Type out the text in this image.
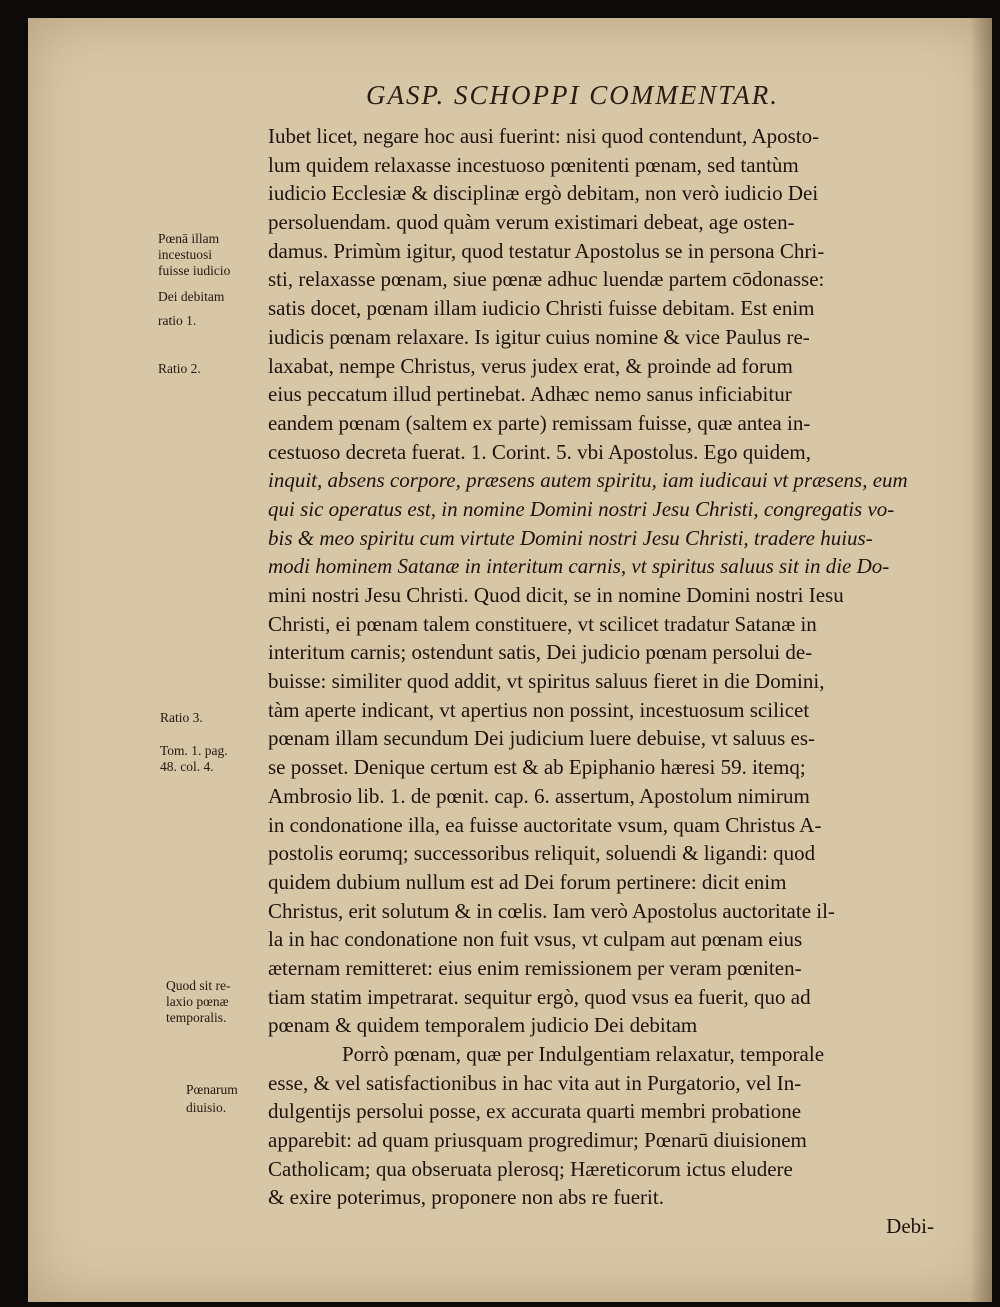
GASP. SCHOPPI COMMENTAR.
Iubet licet, negare hoc ausi fuerint: nisi quod contendunt, Aposto-
lum quidem relaxasse incestuoso pœnitenti pœnam, sed tantùm
iudicio Ecclesiæ & disciplinæ ergò debitam, non verò iudicio Dei
persoluendam. quod quàm verum existimari debeat, age osten-
damus. Primùm igitur, quod testatur Apostolus se in persona Chri-
sti, relaxasse pœnam, siue pœnæ adhuc luendæ partem cōdonasse:
satis docet, pœnam illam iudicio Christi fuisse debitam. Est enim
iudicis pœnam relaxare. Is igitur cuius nomine & vice Paulus re-
laxabat, nempe Christus, verus judex erat, & proinde ad forum
eius peccatum illud pertinebat. Adhæc nemo sanus inficiabitur
eandem pœnam (saltem ex parte) remissam fuisse, quæ antea in-
cestuoso decreta fuerat. 1. Corint. 5. vbi Apostolus. Ego quidem,
inquit, absens corpore, præsens autem spiritu, iam iudicaui vt præsens, eum
qui sic operatus est, in nomine Domini nostri Jesu Christi, congregatis vo-
bis & meo spiritu cum virtute Domini nostri Jesu Christi, tradere huius-
modi hominem Satanæ in interitum carnis, vt spiritus saluus sit in die Do-
mini nostri Jesu Christi. Quod dicit, se in nomine Domini nostri Iesu
Christi, ei pœnam talem constituere, vt scilicet tradatur Satanæ in
interitum carnis; ostendunt satis, Dei judicio pœnam persolui de-
buisse: similiter quod addit, vt spiritus saluus fieret in die Domini,
tàm aperte indicant, vt apertius non possint, incestuosum scilicet
pœnam illam secundum Dei judicium luere debuise, vt saluus es-
se posset. Denique certum est & ab Epiphanio hæresi 59. itemq;
Ambrosio lib. 1. de pœnit. cap. 6. assertum, Apostolum nimirum
in condonatione illa, ea fuisse auctoritate vsum, quam Christus A-
postolis eorumq; successoribus reliquit, soluendi & ligandi: quod
quidem dubium nullum est ad Dei forum pertinere: dicit enim
Christus, erit solutum & in cœlis. Iam verò Apostolus auctoritate il-
la in hac condonatione non fuit vsus, vt culpam aut pœnam eius
æternam remitteret: eius enim remissionem per veram pœniten-
tiam statim impetrarat. sequitur ergò, quod vsus ea fuerit, quo ad
pœnam & quidem temporalem judicio Dei debitam
Porrò pœnam, quæ per Indulgentiam relaxatur, temporale
esse, & vel satisfactionibus in hac vita aut in Purgatorio, vel In-
dulgentijs persolui posse, ex accurata quarti membri probatione
apparebit: ad quam priusquam progredimur; Pœnarū diuisionem
Catholicam; qua obseruata plerosq; Hæreticorum ictus eludere
& exire poterimus, proponere non abs re fuerit.
Debi-
Pœnā illam
incestuosi
fuisse iudicio
Dei debitam
ratio 1.
Ratio 2.
Ratio 3.
Tom. 1. pag.
48. col. 4.
Quod sit re-
laxio pœnæ
temporalis.
Pœnarum
diuisio.
